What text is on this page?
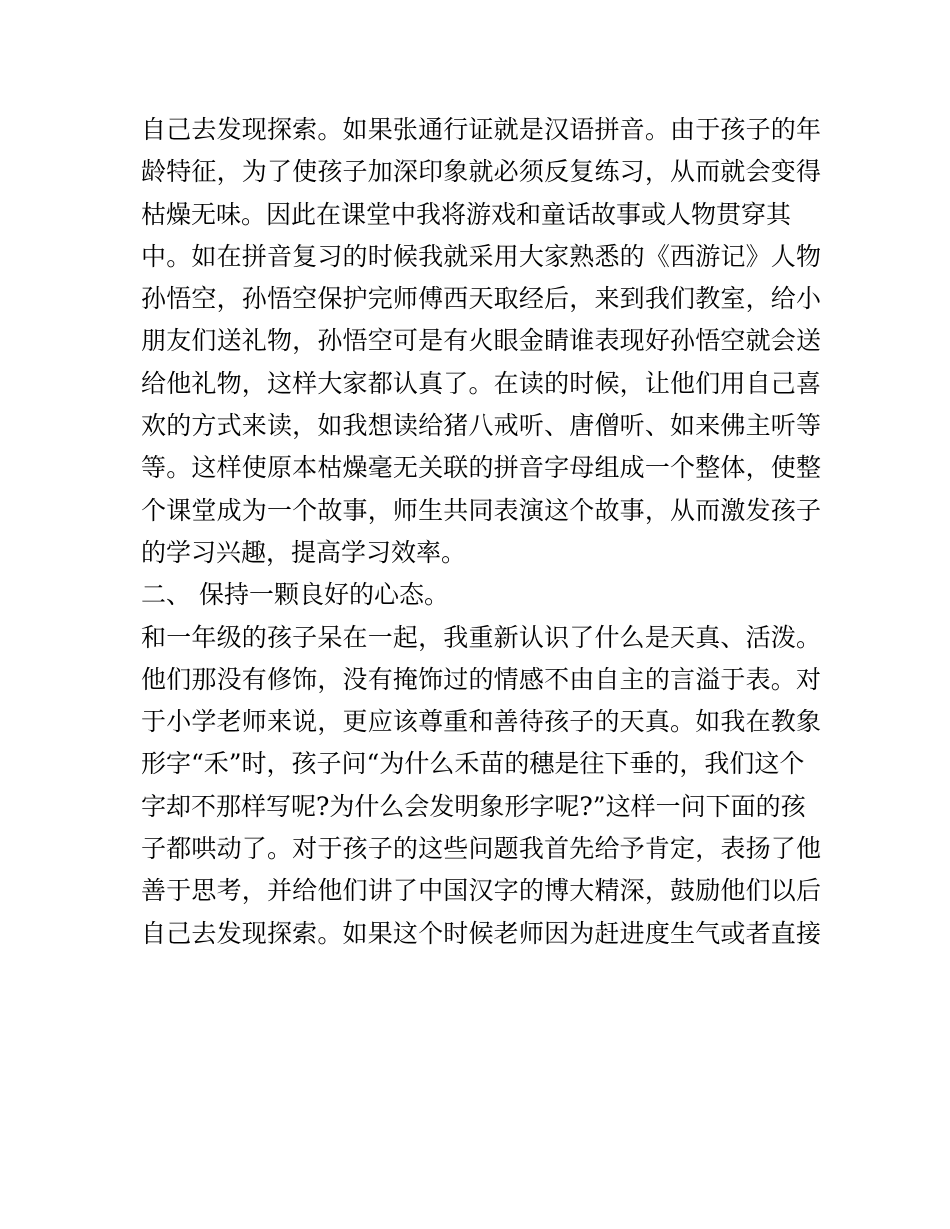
自己去发现探索。如果张通行证就是汉语拼音。由于孩子的年
龄特征，为了使孩子加深印象就必须反复练习，从而就会变得
枯燥无味。因此在课堂中我将游戏和童话故事或人物贯穿其
中。如在拼音复习的时候我就采用大家熟悉的《西游记》人物
孙悟空，孙悟空保护完师傅西天取经后，来到我们教室，给小
朋友们送礼物，孙悟空可是有火眼金睛谁表现好孙悟空就会送
给他礼物，这样大家都认真了。在读的时候，让他们用自己喜
欢的方式来读，如我想读给猪八戒听、唐僧听、如来佛主听等
等。这样使原本枯燥毫无关联的拼音字母组成一个整体，使整
个课堂成为一个故事，师生共同表演这个故事，从而激发孩子
的学习兴趣，提高学习效率。
二、 保持一颗良好的心态。
和一年级的孩子呆在一起，我重新认识了什么是天真、活泼。
他们那没有修饰，没有掩饰过的情感不由自主的言溢于表。对
于小学老师来说，更应该尊重和善待孩子的天真。如我在教象
形字“禾”时，孩子问“为什么禾苗的穗是往下垂的，我们这个
字却不那样写呢?为什么会发明象形字呢?”这样一问下面的孩
子都哄动了。对于孩子的这些问题我首先给予肯定，表扬了他
善于思考，并给他们讲了中国汉字的博大精深，鼓励他们以后
自己去发现探索。如果这个时候老师因为赶进度生气或者直接
